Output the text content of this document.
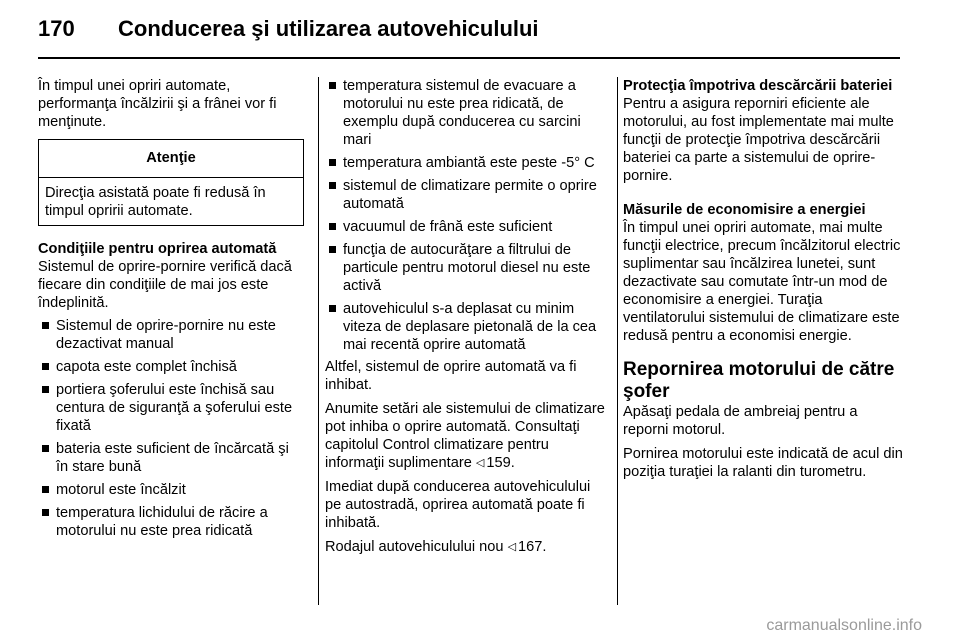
170 Conducerea şi utilizarea autovehiculului

În timpul unei opriri automate, performanţa încălzirii şi a frânei vor fi menţinute.

Atenţie
Direcţia asistată poate fi redusă în timpul opririi automate.

Condiţiile pentru oprirea automată

Sistemul de oprire-pornire verifică dacă fiecare din condiţiile de mai jos este îndeplinită.

Sistemul de oprire-pornire nu este dezactivat manual
capota este complet închisă
portiera şoferului este închisă sau centura de siguranţă a şoferului este fixată
bateria este suficient de încărcată şi în stare bună
motorul este încălzit
temperatura lichidului de răcire a motorului nu este prea ridicată
temperatura sistemul de evacuare a motorului nu este prea ridicată, de exemplu după conducerea cu sarcini mari
temperatura ambiantă este peste -5° C
sistemul de climatizare permite o oprire automată
vacuumul de frână este suficient
funcţia de autocurăţare a filtrului de particule pentru motorul diesel nu este activă
autovehiculul s-a deplasat cu minim viteza de deplasare pietonală de la cea mai recentă oprire automată

Altfel, sistemul de oprire automată va fi inhibat.

Anumite setări ale sistemului de climatizare pot inhiba o oprire automată. Consultaţi capitolul Control climatizare pentru informaţii suplimentare ◁ 159.

Imediat după conducerea autovehiculului pe autostradă, oprirea automată poate fi inhibată.

Rodajul autovehiculului nou ◁ 167.

Protecţia împotriva descărcării bateriei

Pentru a asigura reporniri eficiente ale motorului, au fost implementate mai multe funcţii de protecţie împotriva descărcării bateriei ca parte a sistemului de oprire-pornire.

Măsurile de economisire a energiei

În timpul unei opriri automate, mai multe funcţii electrice, precum încălzitorul electric suplimentar sau încălzirea lunetei, sunt dezactivate sau comutate într-un mod de economisire a energiei. Turaţia ventilatorului sistemului de climatizare este redusă pentru a economisi energie.

Repornirea motorului de către şofer

Apăsaţi pedala de ambreiaj pentru a reporni motorul.

Pornirea motorului este indicată de acul din poziţia turaţiei la ralanti din turometru.

carmanualsonline.info
